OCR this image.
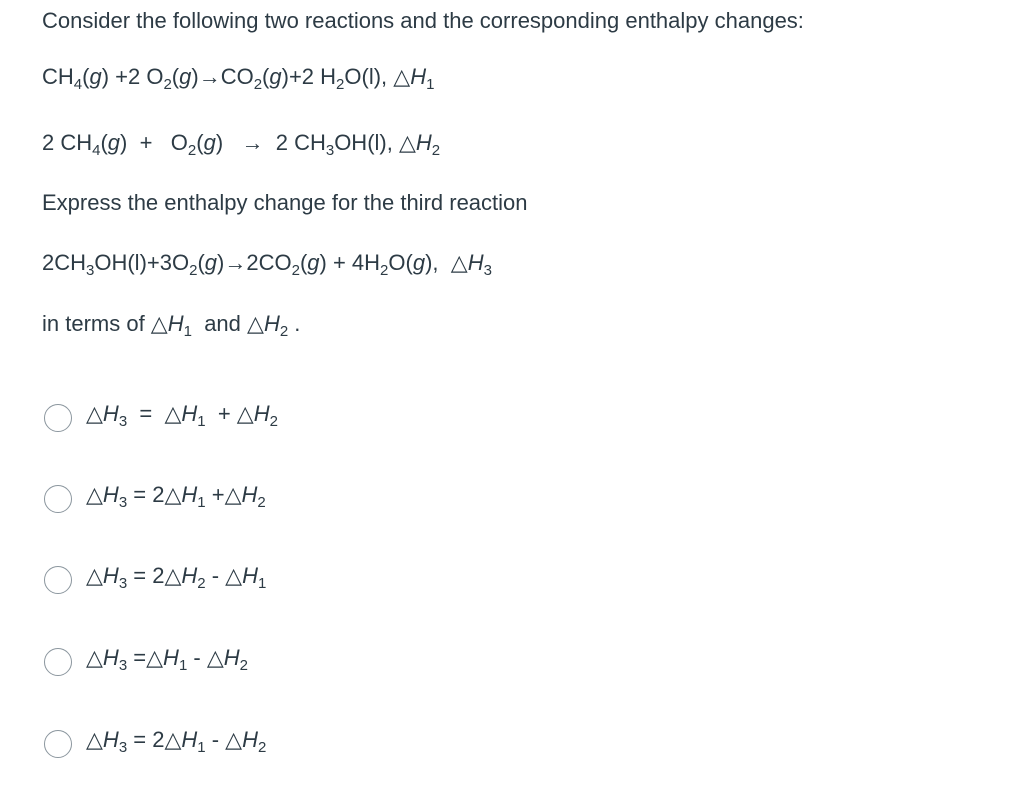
Consider the following two reactions and the corresponding enthalpy changes:
$CH_4(g) +2$ $O_2(g)\to CO_2(g)+2$ $H_2O(l)$, $\triangle H_1$
2 $CH_4(g) + O_2(g) \to 2$ $CH_3OH(l)$, $\triangle H_2$
Express the enthalpy change for the third reaction
$2CH_3OH(l)+3O_2(g)\to 2CO_2(g) + 4H_2O(g)$,  $\triangle H_3$
in terms of $\triangle H_1$  and $\triangle H_2$ .
$\triangle H_3$  =  $\triangle H_1$  + $\triangle H_2$
$\triangle H_3$ = $2\triangle H_1$ $+\triangle H_2$
$\triangle H_3$ = $2\triangle H_2$ - $\triangle H_1$
$\triangle H_3$ $=\triangle H_1$ - $\triangle H_2$
$\triangle H_3$ = $2\triangle H_1$ - $\triangle H_2$
